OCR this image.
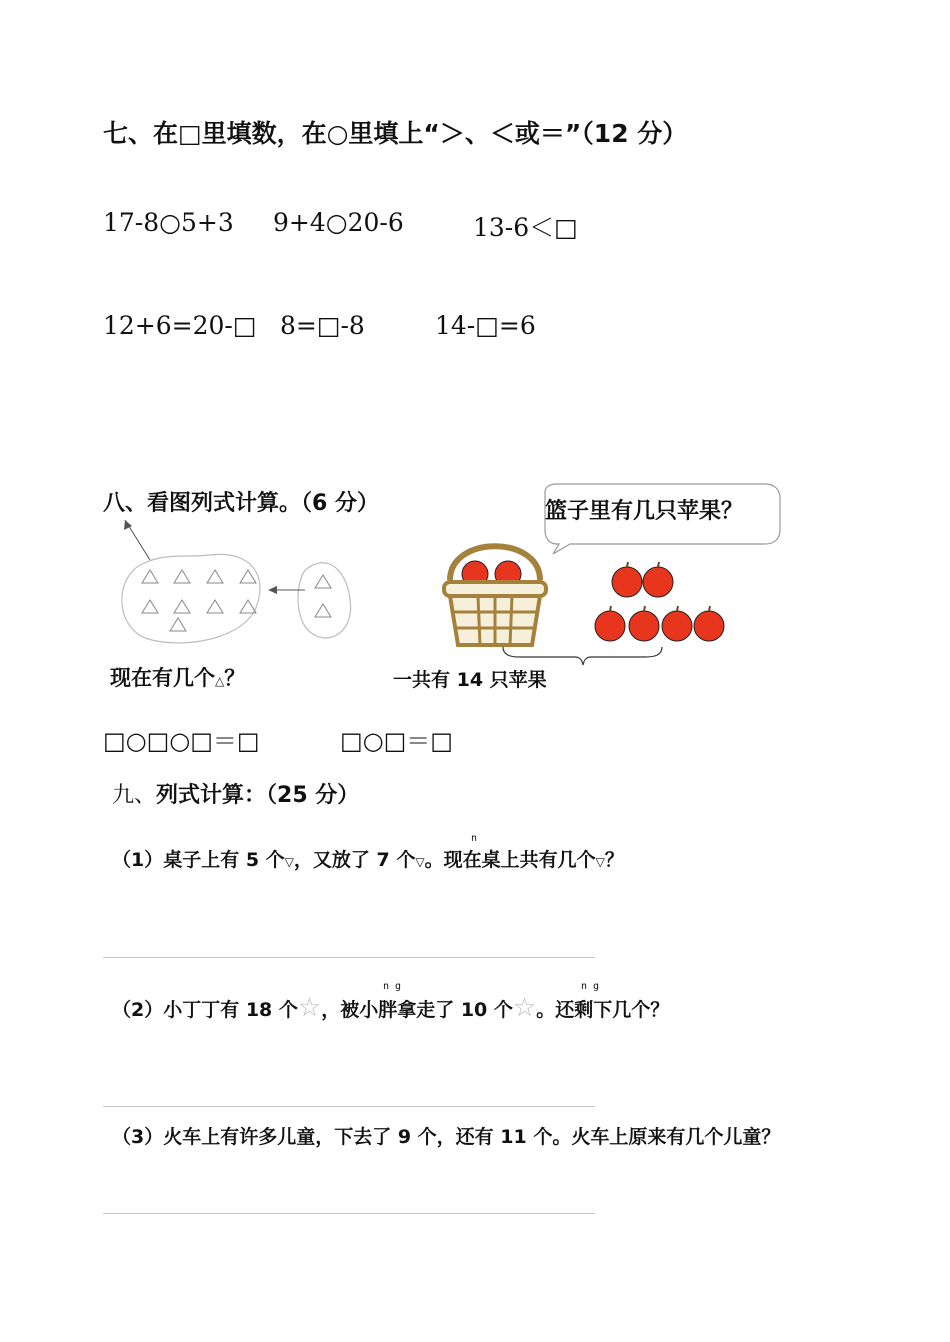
七、在□里填数，在○里填上“＞、＜或＝”（12 分）
17-8○5+3 9+4○20-6	13-6＜□
12+6=20-□ 8=□-8	14-□=6
八、看图列式计算。（6 分）
现在有几个△？
篮子里有几只苹果？
一共有 14 只苹果
□○□○□＝□	□○□＝□
九、列式计算：（25 分）
n
（1）桌子上有 5 个▽，又放了 7 个▽。现在桌上共有几个▽？
n g	n g
（2）小丁丁有 18 个☆，被小胖拿走了 10 个☆。还剩下几个？
（3）火车上有许多儿童，下去了 9 个，还有 11 个。火车上原来有几个儿童？
